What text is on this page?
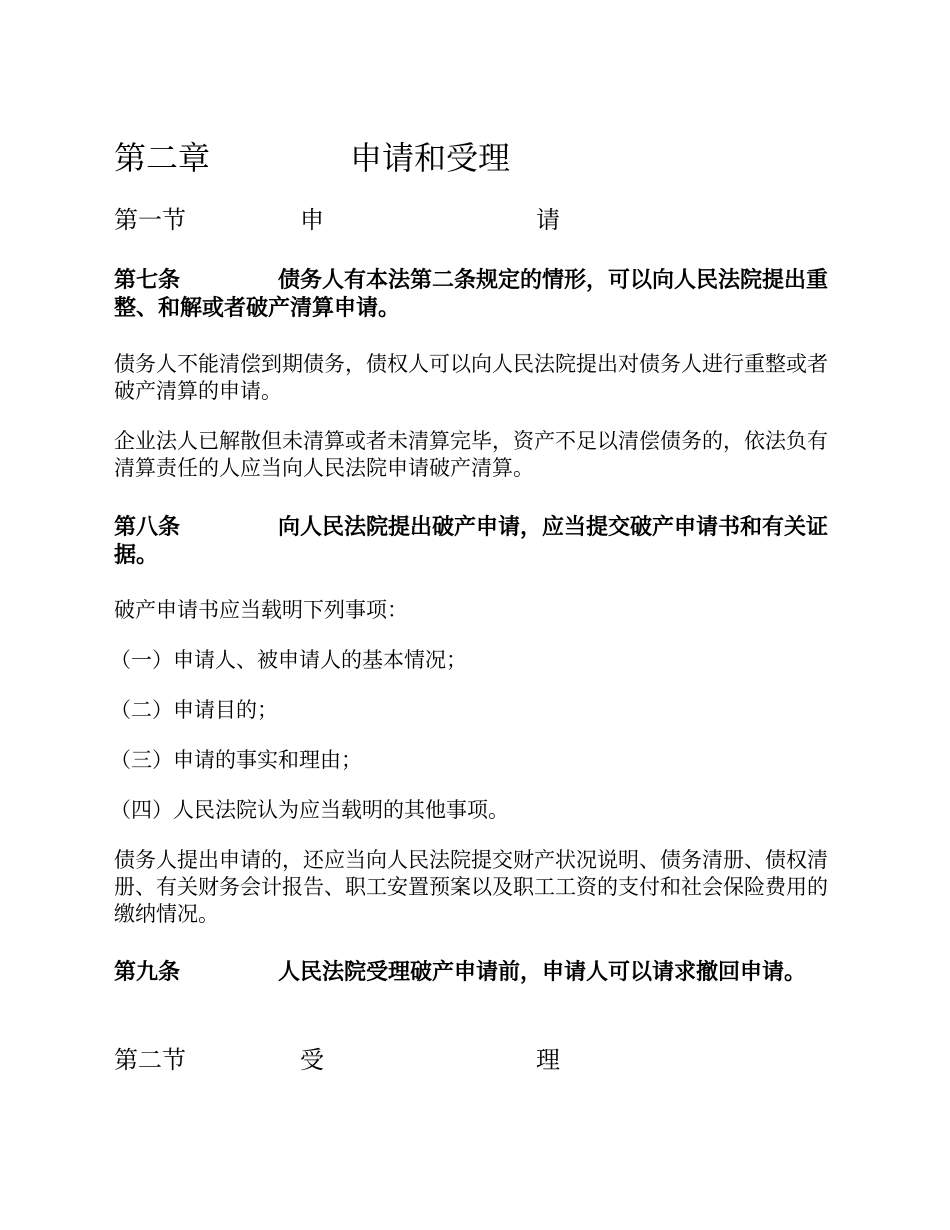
第二章	申请和受理
第一节	申	请

第七条	债务人有本法第二条规定的情形，可以向人民法院提出重整、和解或者破产清算申请。

债务人不能清偿到期债务，债权人可以向人民法院提出对债务人进行重整或者破产清算的申请。

企业法人已解散但未清算或者未清算完毕，资产不足以清偿债务的，依法负有清算责任的人应当向人民法院申请破产清算。

第八条	向人民法院提出破产申请，应当提交破产申请书和有关证据。

破产申请书应当载明下列事项：

（一）申请人、被申请人的基本情况；

（二）申请目的；

（三）申请的事实和理由；

（四）人民法院认为应当载明的其他事项。

债务人提出申请的，还应当向人民法院提交财产状况说明、债务清册、债权清册、有关财务会计报告、职工安置预案以及职工工资的支付和社会保险费用的缴纳情况。

第九条	人民法院受理破产申请前，申请人可以请求撤回申请。

第二节	受	理
